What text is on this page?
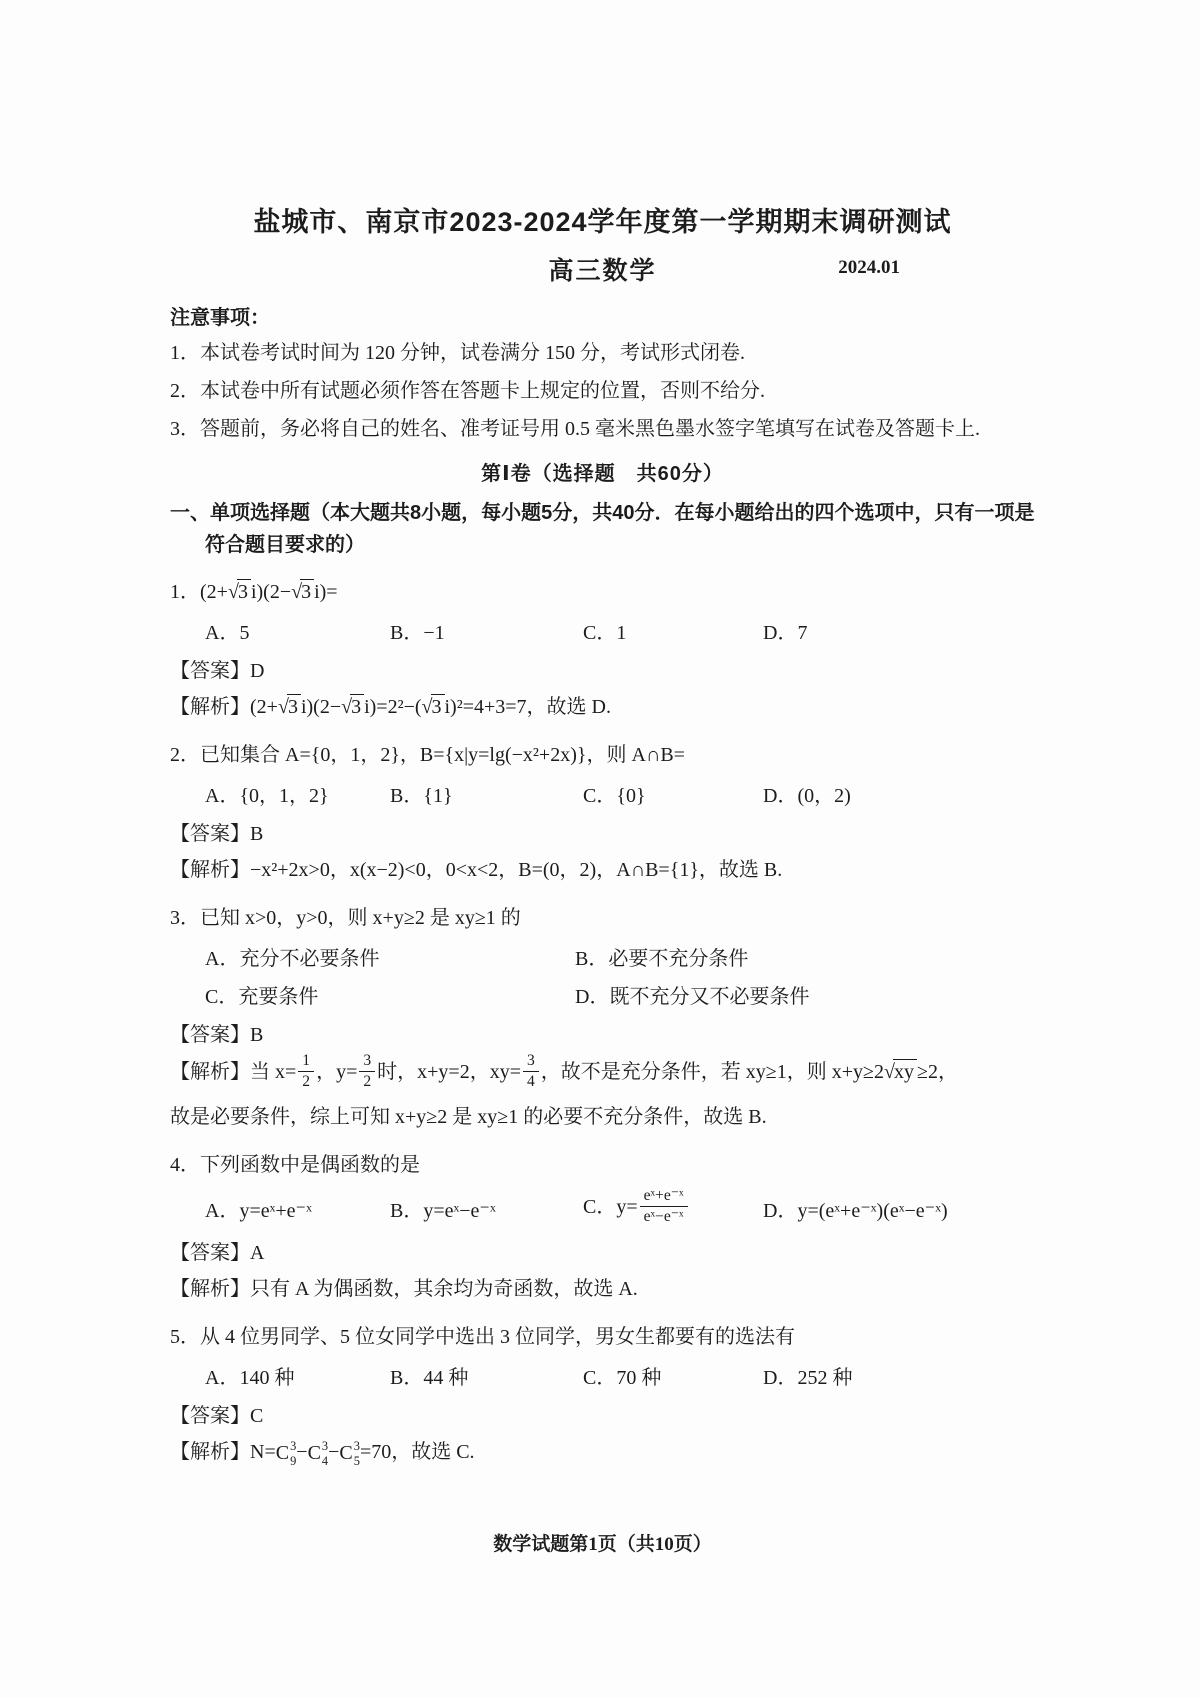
盐城市、南京市2023-2024学年度第一学期期末调研测试
高三数学	2024.01
注意事项：
1．本试卷考试时间为 120 分钟，试卷满分 150 分，考试形式闭卷.
2．本试卷中所有试题必须作答在答题卡上规定的位置，否则不给分.
3．答题前，务必将自己的姓名、准考证号用 0.5 毫米黑色墨水签字笔填写在试卷及答题卡上.
第Ⅰ卷（选择题　共60分）
一、单项选择题（本大题共8小题，每小题5分，共40分．在每小题给出的四个选项中，只有一项是符合题目要求的）
1．(2+√3 i)(2−√3 i)=
A．5	B．−1	C．1	D．7
【答案】D
【解析】(2+√3 i)(2−√3 i)=2²−(√3 i)²=4+3=7，故选 D.
2．已知集合 A={0，1，2}，B={x|y=lg(−x²+2x)}，则 A∩B=
A．{0，1，2}	B．{1}	C．{0}	D．(0，2)
【答案】B
【解析】−x²+2x>0，x(x−2)<0，0<x<2，B=(0，2)，A∩B={1}，故选 B.
3．已知 x>0，y>0，则 x+y≥2 是 xy≥1 的
A．充分不必要条件	B．必要不充分条件
C．充要条件	D．既不充分又不必要条件
【答案】B
【解析】当 $x= \frac{1}{2}$ ，$y= \frac{3}{2}$ 时，x+y=2，$xy= \frac{3}{4}$ ，故不是充分条件，若 xy≥1，则 x+y≥2√xy ≥2，
故是必要条件，综上可知 x+y≥2 是 xy≥1 的必要不充分条件，故选 B.
4．下列函数中是偶函数的是
A．y=eˣ+e⁻ˣ	B．y=eˣ−e⁻ˣ	C．$y= \frac{\text{eˣ+e⁻ˣ}}{\text{eˣ−e⁻ˣ}}$	D．y=(eˣ+e⁻ˣ)(eˣ−e⁻ˣ)
【答案】A
【解析】只有 A 为偶函数，其余均为奇函数，故选 A.
5．从 4 位男同学、5 位女同学中选出 3 位同学，男女生都要有的选法有
A．140 种	B．44 种	C．70 种	D．252 种
【答案】C
【解析】N= C 3
9 − C 3
4 − C 3
5 =70，故选 C.
数学试题第1页（共10页）
